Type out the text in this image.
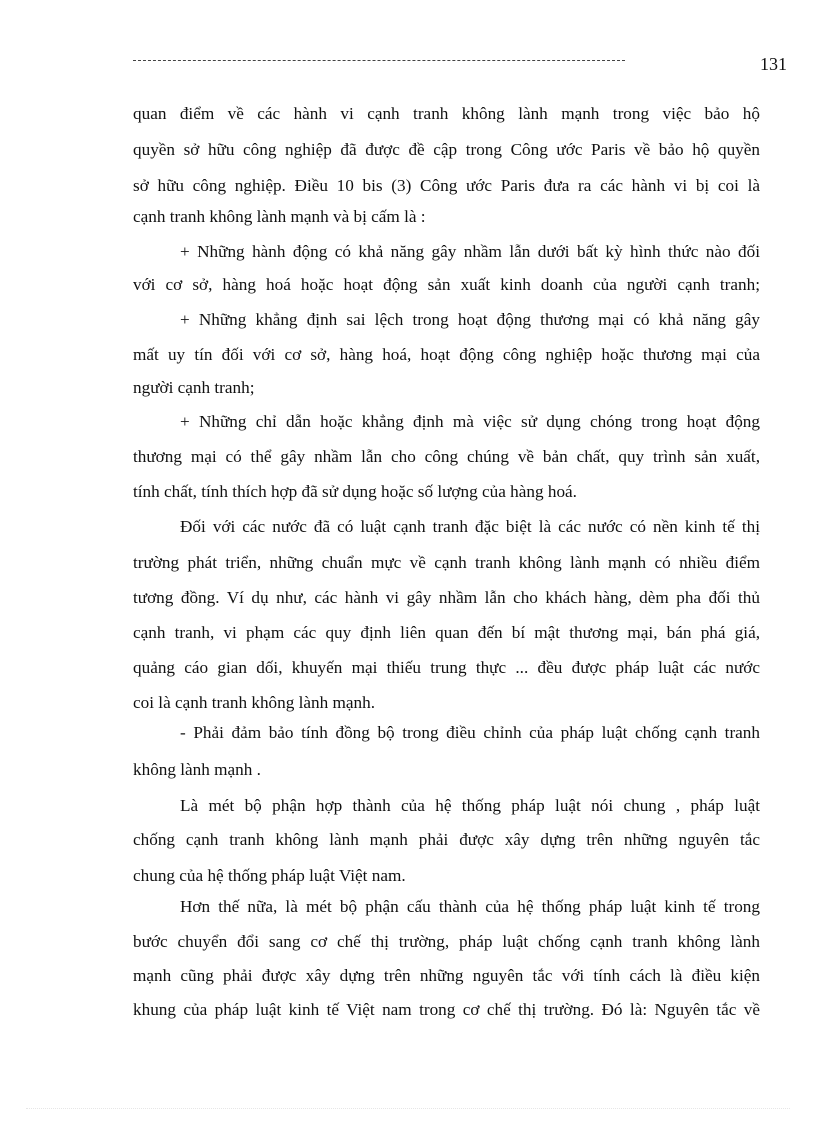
131
quan điểm về các hành vi cạnh tranh không lành mạnh trong việc bảo hộ
quyền sở hữu công nghiệp đã được đề cập trong Công ước Paris về bảo hộ quyền
sở hữu công nghiệp. Điều 10 bis (3) Công ước Paris đưa ra các hành vi bị coi là
cạnh tranh không lành mạnh và bị cấm là :
+ Những hành động có khả năng gây nhầm lẫn dưới bất kỳ hình thức nào đối
với cơ sở, hàng hoá hoặc hoạt động sản xuất kinh doanh của người cạnh tranh;
+ Những khẳng định sai lệch trong hoạt động thương mại có khả năng gây
mất uy tín đối với cơ sở, hàng hoá, hoạt động công nghiệp hoặc thương mại của
người cạnh tranh;
+ Những chỉ dẫn hoặc khẳng định mà việc sử dụng chóng trong hoạt động
thương mại có thể gây nhầm lẫn cho công chúng về bản chất, quy trình sản xuất,
tính chất, tính thích hợp đã sử dụng hoặc số lượng của hàng hoá.
Đối với các nước đã có luật cạnh tranh đặc biệt là các nước có nền kinh tế thị
trường phát triển, những chuẩn mực về cạnh tranh không lành mạnh có nhiều điểm
tương đồng. Ví dụ như, các hành vi gây nhầm lẫn cho khách hàng, dèm pha đối thủ
cạnh tranh, vi phạm các quy định liên quan đến bí mật thương mại, bán phá giá,
quảng cáo gian dối, khuyến mại thiếu trung thực ... đều được pháp luật các nước
coi là cạnh tranh không lành mạnh.
- Phải đảm bảo tính đồng bộ trong điều chỉnh của pháp luật chống cạnh tranh
không lành mạnh .
Là mét bộ phận hợp thành của hệ thống pháp luật nói chung , pháp luật
chống cạnh tranh không lành mạnh phải được xây dựng trên những nguyên tắc
chung của hệ thống pháp luật Việt nam.
Hơn thế nữa, là mét bộ phận cấu thành của hệ thống pháp luật kinh tế trong
bước chuyển đổi sang cơ chế thị trường, pháp luật chống cạnh tranh không lành
mạnh cũng phải được xây dựng trên những nguyên tắc với tính cách là điều kiện
khung của pháp luật kinh tế Việt nam trong cơ chế thị trường. Đó là: Nguyên tắc về
